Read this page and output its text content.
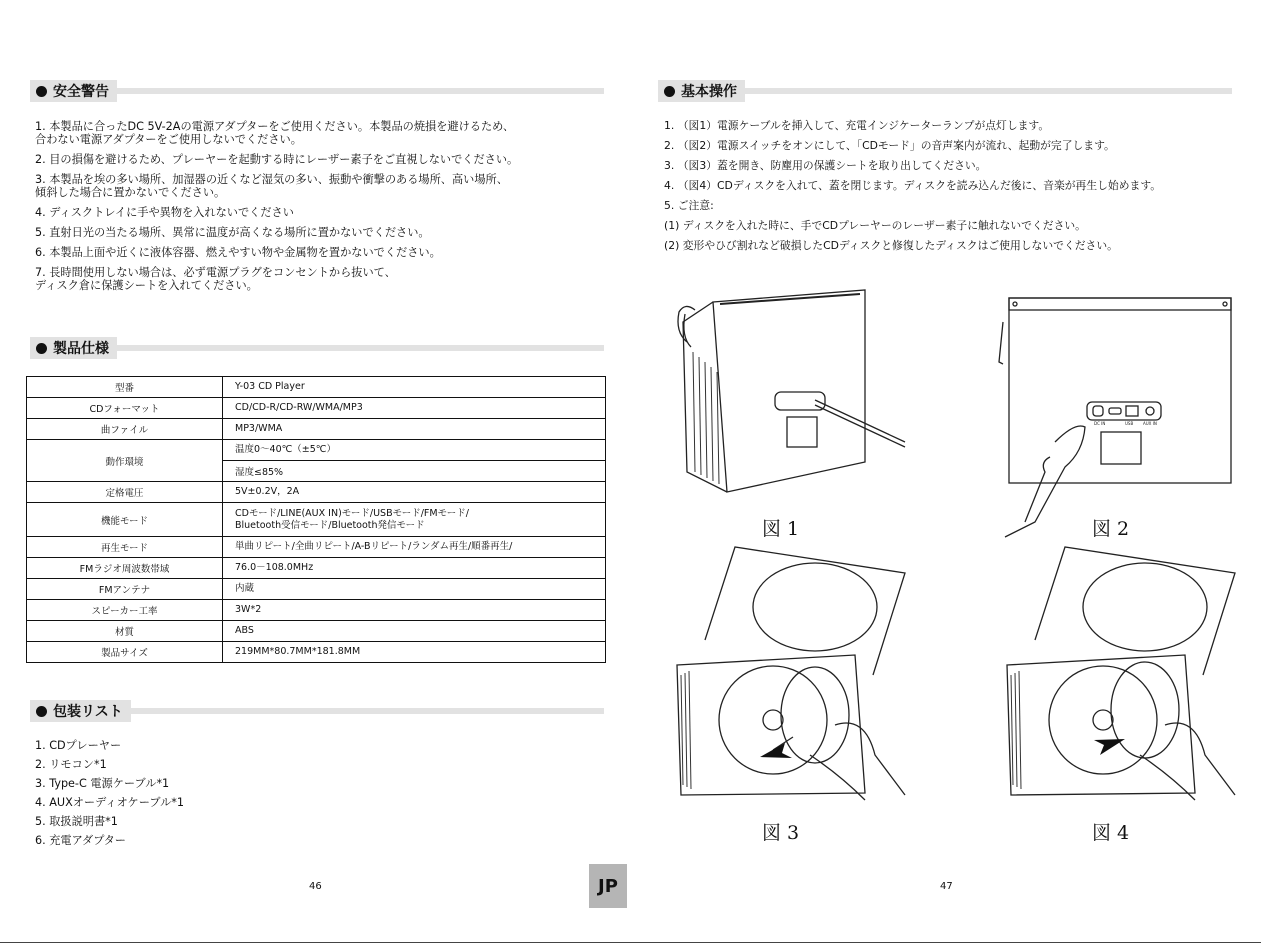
安全警告
1. 本製品に合ったDC 5V-2Aの電源アダプターをご使用ください。本製品の焼損を避けるため、
合わない電源アダプターをご使用しないでください。
2. 目の損傷を避けるため、プレーヤーを起動する時にレーザー素子をご直視しないでください。
3. 本製品を埃の多い場所、加湿器の近くなど湿気の多い、振動や衝撃のある場所、高い場所、
傾斜した場合に置かないでください。
4. ディスクトレイに手や異物を入れないでください
5. 直射日光の当たる場所、異常に温度が高くなる場所に置かないでください。
6. 本製品上面や近くに液体容器、燃えやすい物や金属物を置かないでください。
7. 長時間使用しない場合は、必ず電源プラグをコンセントから抜いて、
ディスク倉に保護シートを入れてください。
製品仕様
型番	Y-03 CD Player
CDフォーマット	CD/CD-R/CD-RW/WMA/MP3
曲ファイル	MP3/WMA
動作環境	温度0～40℃（±5℃）
	湿度≤85%
定格電圧	5V±0.2V，2A
機能モード	CDモード/LINE(AUX IN)モード/USBモード/FMモード/
Bluetooth受信モード/Bluetooth発信モード
再生モード	単曲リピート/全曲リピート/A-Bリピート/ランダム再生/順番再生/
FMラジオ周波数帯域	76.0－108.0MHz
FMアンテナ	内蔵
スピーカー工率	3W*2
材質	ABS
製品サイズ	219MM*80.7MM*181.8MM
包装リスト
1. CDプレーヤー
2. リモコン*1
3. Type-C 電源ケーブル*1
4. AUXオーディオケーブル*1
5. 取扱説明書*1
6. 充電アダプター
46	JP
基本操作
1. （図1）電源ケーブルを挿入して、充電インジケーターランプが点灯します。
2. （図2）電源スイッチをオンにして、「CDモード」の音声案内が流れ、起動が完了します。
3. （図3）蓋を開き、防塵用の保護シートを取り出してください。
4. （図4）CDディスクを入れて、蓋を閉じます。ディスクを読み込んだ後に、音楽が再生し始めます。
5. ご注意:
(1) ディスクを入れた時に、手でCDプレーヤーのレーザー素子に触れないでください。
(2) 変形やひび割れなど破損したCDディスクと修復したディスクはご使用しないでください。
図 1
DC IN	USB AUX IN
図 2
図 3	図 4
47
